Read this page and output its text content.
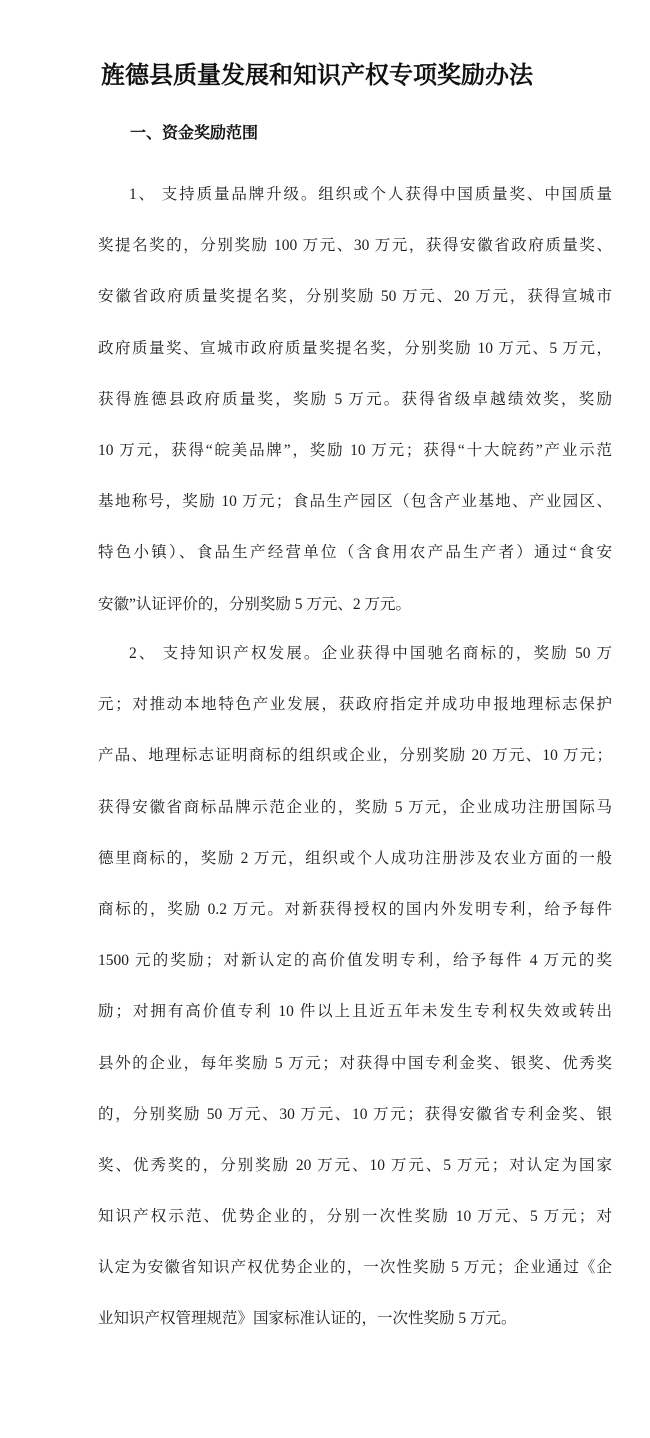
旌德县质量发展和知识产权专项奖励办法
一、资金奖励范围
1、 支持质量品牌升级。组织或个人获得中国质量奖、中国质量
奖提名奖的，分别奖励 100 万元、30 万元，获得安徽省政府质量奖、
安徽省政府质量奖提名奖，分别奖励 50 万元、20 万元，获得宣城市
政府质量奖、宣城市政府质量奖提名奖，分别奖励 10 万元、5 万元，
获得旌德县政府质量奖，奖励 5 万元。获得省级卓越绩效奖，奖励
10 万元，获得“皖美品牌”，奖励 10 万元；获得“十大皖药”产业示范
基地称号，奖励 10 万元；食品生产园区（包含产业基地、产业园区、
特色小镇）、食品生产经营单位（含食用农产品生产者）通过“食安
安徽”认证评价的，分别奖励 5 万元、2 万元。
2、 支持知识产权发展。企业获得中国驰名商标的，奖励 50 万
元；对推动本地特色产业发展，获政府指定并成功申报地理标志保护
产品、地理标志证明商标的组织或企业，分别奖励 20 万元、10 万元；
获得安徽省商标品牌示范企业的，奖励 5 万元，企业成功注册国际马
德里商标的，奖励 2 万元，组织或个人成功注册涉及农业方面的一般
商标的，奖励 0.2 万元。对新获得授权的国内外发明专利，给予每件
1500 元的奖励；对新认定的高价值发明专利，给予每件 4 万元的奖
励；对拥有高价值专利 10 件以上且近五年未发生专利权失效或转出
县外的企业，每年奖励 5 万元；对获得中国专利金奖、银奖、优秀奖
的，分别奖励 50 万元、30 万元、10 万元；获得安徽省专利金奖、银
奖、优秀奖的，分别奖励 20 万元、10 万元、5 万元；对认定为国家
知识产权示范、优势企业的，分别一次性奖励 10 万元、5 万元；对
认定为安徽省知识产权优势企业的，一次性奖励 5 万元；企业通过《企
业知识产权管理规范》国家标准认证的，一次性奖励 5 万元。
